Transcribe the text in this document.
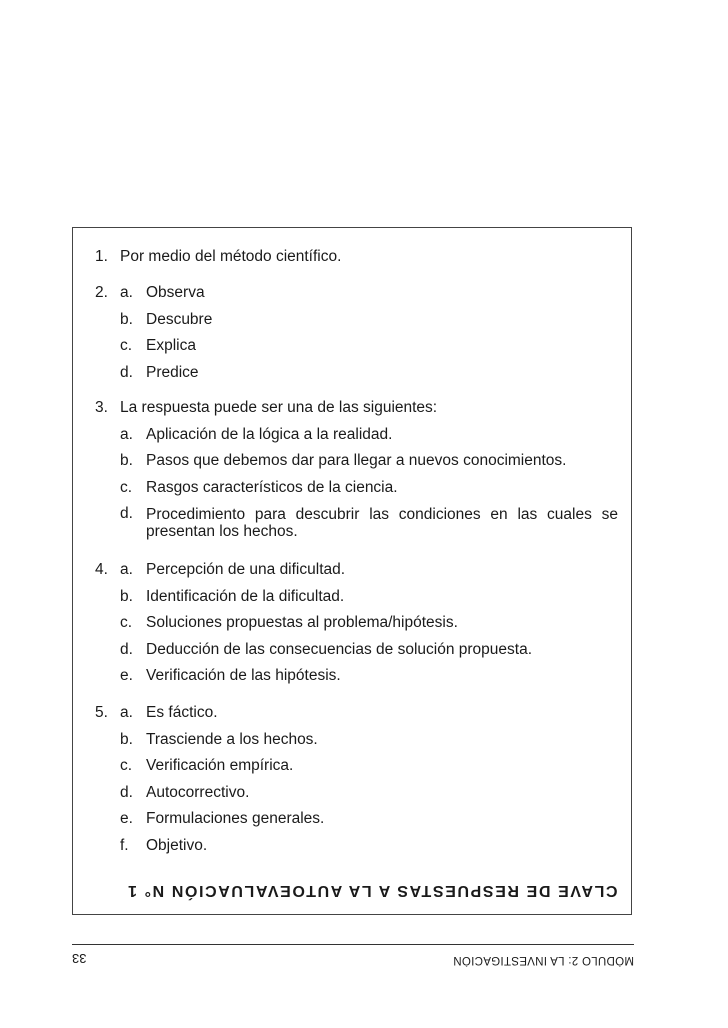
1. Por medio del método científico.
2. a. Observa
b. Descubre
c. Explica
d. Predice
3. La respuesta puede ser una de las siguientes:
a. Aplicación de la lógica a la realidad.
b. Pasos que debemos dar para llegar a nuevos conocimientos.
c. Rasgos característicos de la ciencia.
d. Procedimiento para descubrir las condiciones en las cuales se presentan los hechos.
4. a. Percepción de una dificultad.
b. Identificación de la dificultad.
c. Soluciones propuestas al problema/hipótesis.
d. Deducción de las consecuencias de solución propuesta.
e. Verificación de las hipótesis.
5. a. Es fáctico.
b. Trasciende a los hechos.
c. Verificación empírica.
d. Autocorrectivo.
e. Formulaciones generales.
f.	Objetivo.
CLAVE DE RESPUESTAS A LA AUTOEVALUACIÓN N° 1
MÓDULO 2: LA INVESTIGACIÓN
33
